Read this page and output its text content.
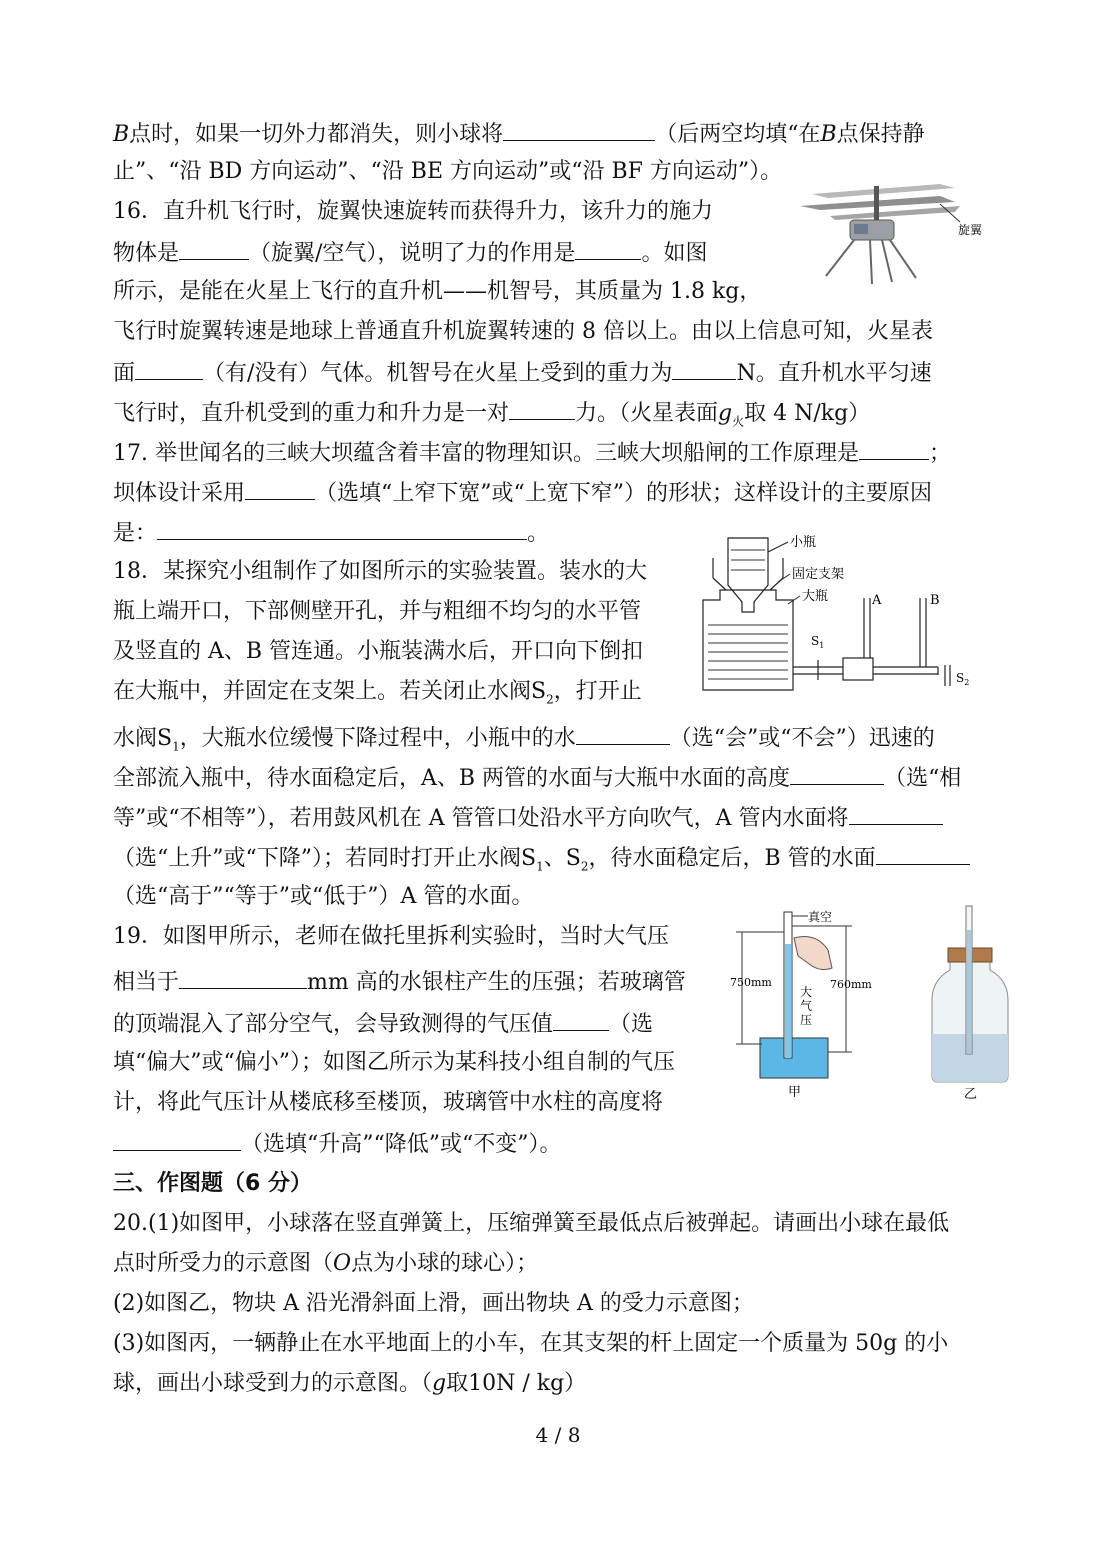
B点时，如果一切外力都消失，则小球将	（后两空均填“在B点保持静
止”、“沿 BD 方向运动”、“沿 BE 方向运动”或“沿 BF 方向运动”）。
16．直升机飞行时，旋翼快速旋转而获得升力，该升力的施力
物体是	（旋翼/空气），说明了力的作用是	。如图
所示，是能在火星上飞行的直升机——机智号，其质量为 1.8 kg，
飞行时旋翼转速是地球上普通直升机旋翼转速的 8 倍以上。由以上信息可知，火星表
面	（有/没有）气体。机智号在火星上受到的重力为	N。直升机水平匀速
飞行时，直升机受到的重力和升力是一对	力。（火星表面$g_火$取 4 N/kg）
旋翼
17. 举世闻名的三峡大坝蕴含着丰富的物理知识。三峡大坝船闸的工作原理是	；
坝体设计采用	（选填“上窄下宽”或“上宽下窄”）的形状；这样设计的主要原因
是：	。
18．某探究小组制作了如图所示的实验装置。装水的大
瓶上端开口，下部侧壁开孔，并与粗细不均匀的水平管
及竖直的 A、B 管连通。小瓶装满水后，开口向下倒扣
在大瓶中，并固定在支架上。若关闭止水阀$S_2$，打开止
水阀$S_1$，大瓶水位缓慢下降过程中，小瓶中的水	（选“会”或“不会”）迅速的
全部流入瓶中，待水面稳定后，A、B 两管的水面与大瓶中水面的高度	（选“相
等”或“不相等”），若用鼓风机在 A 管管口处沿水平方向吹气，A 管内水面将
（选“上升”或“下降”）；若同时打开止水阀$S_1$、$S_2$，待水面稳定后，B 管的水面
（选“高于”“等于”或“低于”）A 管的水面。
小瓶
固定支架
大瓶	A	B
$S_1$
$S_2$
19．如图甲所示，老师在做托里拆利实验时，当时大气压
相当于	mm 高的水银柱产生的压强；若玻璃管
的顶端混入了部分空气，会导致测得的气压值	（选
填“偏大”或“偏小”）；如图乙所示为某科技小组自制的气压
计，将此气压计从楼底移至楼顶，玻璃管中水柱的高度将
（选填“升高”“降低”或“不变”）。
真空
750mm	760mm
大
气
压
甲	乙
三、作图题（6 分）
20.(1)如图甲，小球落在竖直弹簧上，压缩弹簧至最低点后被弹起。请画出小球在最低
点时所受力的示意图（O点为小球的球心）；
(2)如图乙，物块 A 沿光滑斜面上滑，画出物块 A 的受力示意图；
(3)如图丙，一辆静止在水平地面上的小车，在其支架的杆上固定一个质量为 50g 的小
球，画出小球受到力的示意图。（g取10N / kg）
4 / 8
